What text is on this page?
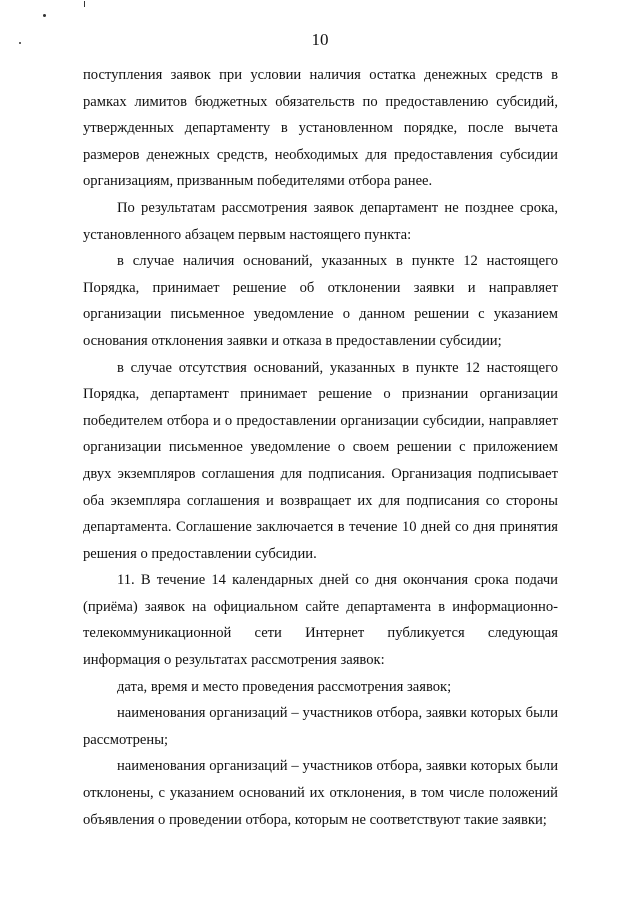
10

поступления заявок при условии наличия остатка денежных средств в рамках лимитов бюджетных обязательств по предоставлению субсидий, утвержденных департаменту в установленном порядке, после вычета размеров денежных средств, необходимых для предоставления субсидии организациям, призванным победителями отбора ранее.

По результатам рассмотрения заявок департамент не позднее срока, установленного абзацем первым настоящего пункта:

в случае наличия оснований, указанных в пункте 12 настоящего Порядка, принимает решение об отклонении заявки и направляет организации письменное уведомление о данном решении с указанием основания отклонения заявки и отказа в предоставлении субсидии;

в случае отсутствия оснований, указанных в пункте 12 настоящего Порядка, департамент принимает решение о признании организации победителем отбора и о предоставлении организации субсидии, направляет организации письменное уведомление о своем решении с приложением двух экземпляров соглашения для подписания. Организация подписывает оба экземпляра соглашения и возвращает их для подписания со стороны департамента. Соглашение заключается в течение 10 дней со дня принятия решения о предоставлении субсидии.

11. В течение 14 календарных дней со дня окончания срока подачи (приёма) заявок на официальном сайте департамента в информационно-телекоммуникационной сети Интернет публикуется следующая информация о результатах рассмотрения заявок:

дата, время и место проведения рассмотрения заявок;

наименования организаций – участников отбора, заявки которых были рассмотрены;

наименования организаций – участников отбора, заявки которых были отклонены, с указанием оснований их отклонения, в том числе положений объявления о проведении отбора, которым не соответствуют такие заявки;
